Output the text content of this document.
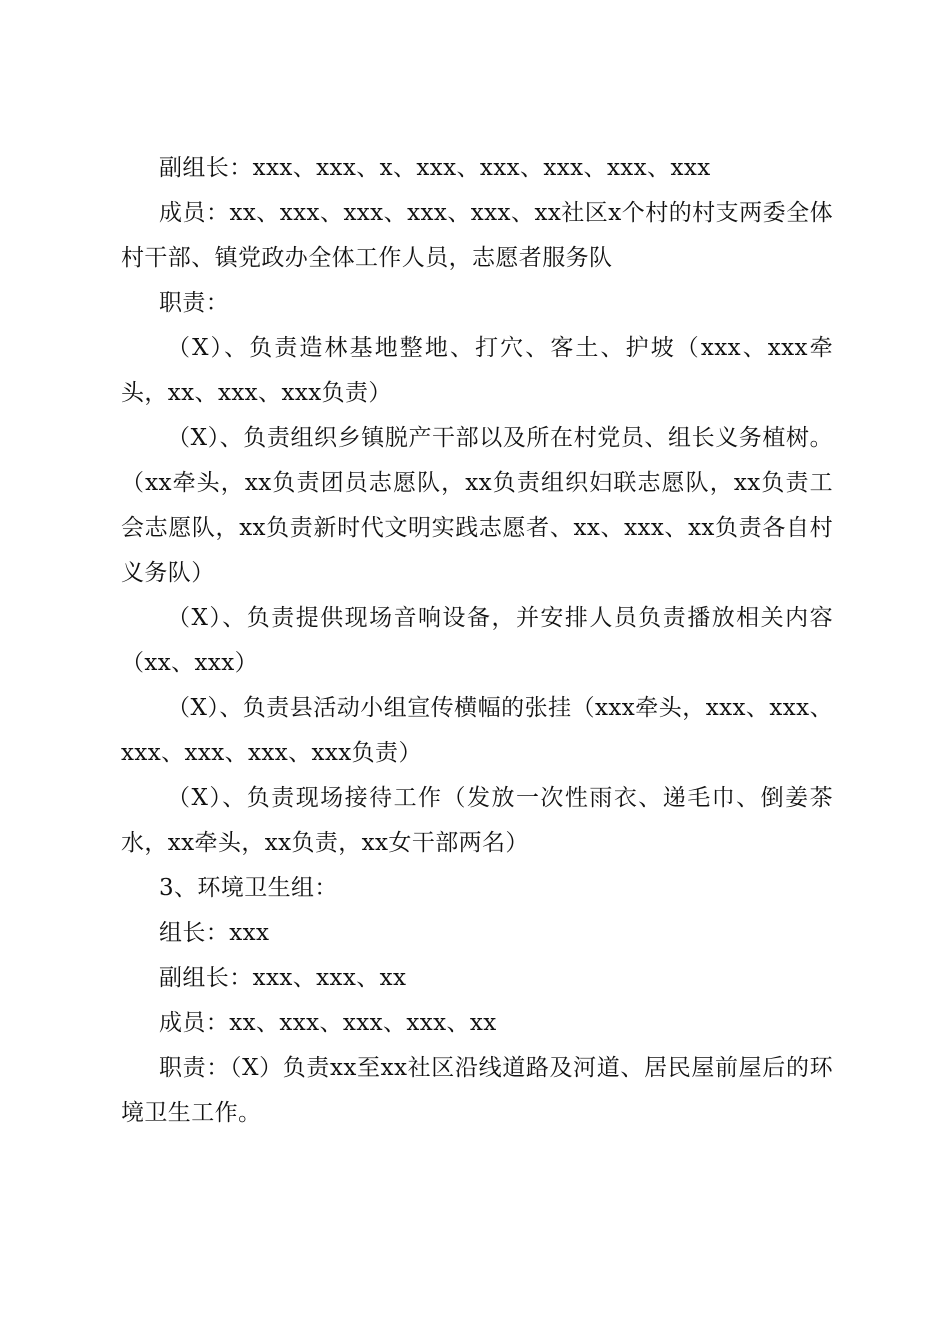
副组长：xxx、xxx、x、xxx、xxx、xxx、xxx、xxx

成员：xx、xxx、xxx、xxx、xxx、xx社区x个村的村支两委全体村干部、镇党政办全体工作人员，志愿者服务队

职责：

（X）、负责造林基地整地、打穴、客土、护坡（xxx、xxx牵头，xx、xxx、xxx负责）

（X）、负责组织乡镇脱产干部以及所在村党员、组长义务植树。（xx牵头，xx负责团员志愿队，xx负责组织妇联志愿队，xx负责工会志愿队，xx负责新时代文明实践志愿者、xx、xxx、xx负责各自村义务队）

（X）、负责提供现场音响设备，并安排人员负责播放相关内容（xx、xxx）

（X）、负责县活动小组宣传横幅的张挂（xxx牵头，xxx、xxx、xxx、xxx、xxx、xxx负责）

（X）、负责现场接待工作（发放一次性雨衣、递毛巾、倒姜茶水，xx牵头，xx负责，xx女干部两名）

3、环境卫生组：

组长：xxx

副组长：xxx、xxx、xx

成员：xx、xxx、xxx、xxx、xx

职责：（X）负责xx至xx社区沿线道路及河道、居民屋前屋后的环境卫生工作。
